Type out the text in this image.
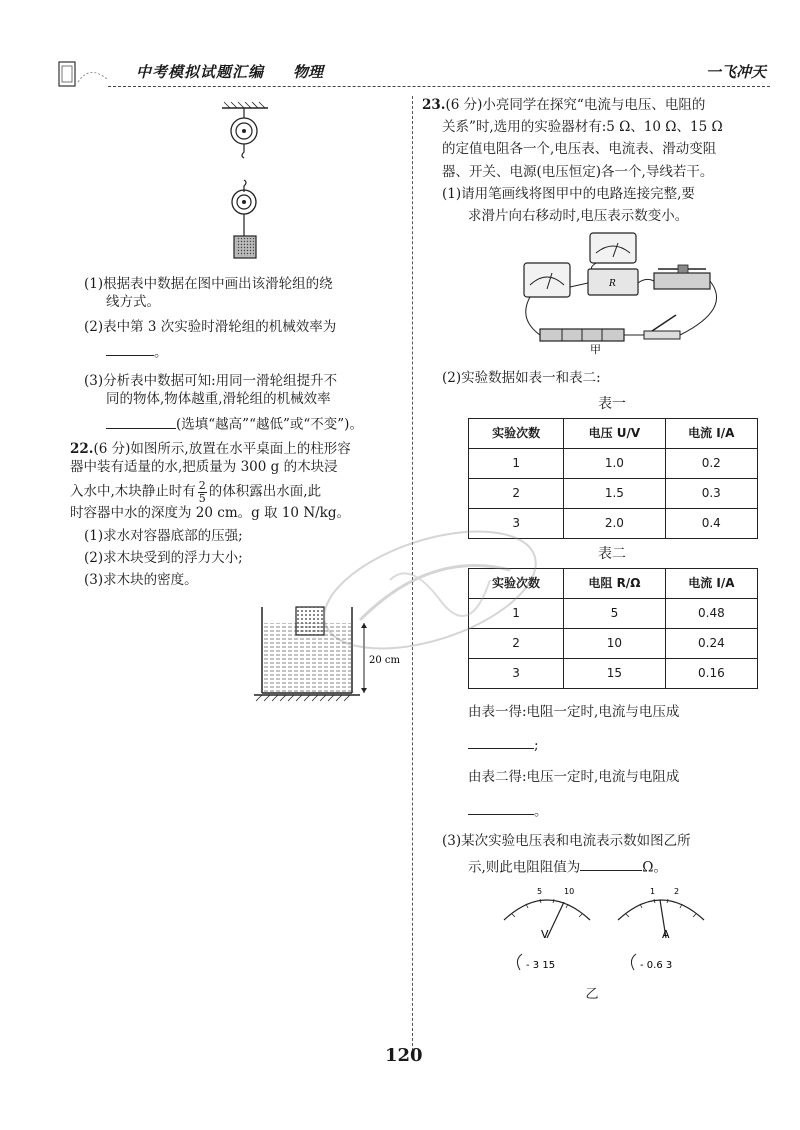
中考模拟试题汇编 物理	一飞冲天

(1)根据表中数据在图中画出该滑轮组的绕

线方式。

(2)表中第 3 次实验时滑轮组的机械效率为

。

(3)分析表中数据可知:用同一滑轮组提升不

同的物体,物体越重,滑轮组的机械效率

(选填“越高”“越低”或“不变”)。

22.(6 分)如图所示,放置在水平桌面上的柱形容

器中装有适量的水,把质量为 300 g 的木块浸

入水中,木块静止时有 $\frac{2}{5}$ 的体积露出水面,此

时容器中水的深度为 20 cm。g 取 10 N/kg。

(1)求水对容器底部的压强;

(2)求木块受到的浮力大小;

(3)求木块的密度。

20 cm

23.(6 分)小亮同学在探究“电流与电压、电阻的

关系”时,选用的实验器材有:5 Ω、10 Ω、15 Ω

的定值电阻各一个,电压表、电流表、滑动变阻

器、开关、电源(电压恒定)各一个,导线若干。

(1)请用笔画线将图甲中的电路连接完整,要

求滑片向右移动时,电压表示数变小。

R
甲

(2)实验数据如表一和表二:

表一

实验次数	电压 U/V	电流 I/A
1	1.0	0.2
2	1.5	0.3
3	2.0	0.4

表二

实验次数	电阻 R/Ω	电流 I/A
1	5	0.48
2	10	0.24
3	15	0.16

由表一得:电阻一定时,电流与电压成

;

由表二得:电压一定时,电流与电阻成

。

(3)某次实验电压表和电流表示数如图乙所

示,则此电阻阻值为	Ω。

5	10
V
- 3 15
1 2
A
- 0.6 3

乙

120
